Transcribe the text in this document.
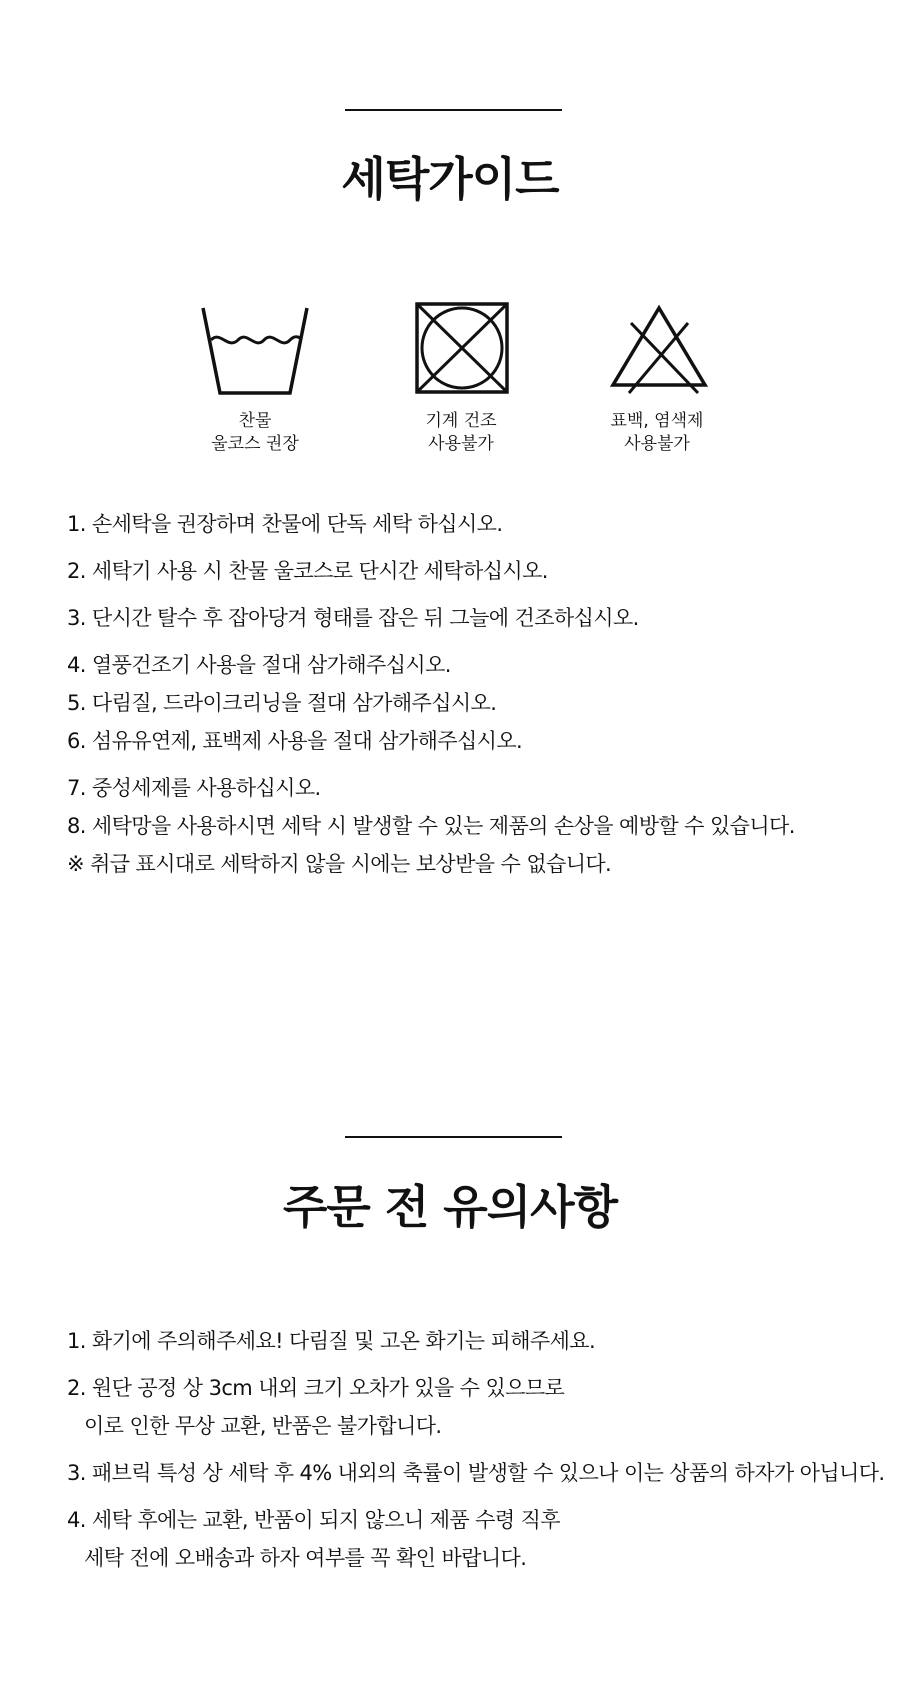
세탁가이드
찬물
울코스 권장
기계 건조
사용불가
표백, 염색제
사용불가
1. 손세탁을 권장하며 찬물에 단독 세탁 하십시오.
2. 세탁기 사용 시 찬물 울코스로 단시간 세탁하십시오.
3. 단시간 탈수 후 잡아당겨 형태를 잡은 뒤 그늘에 건조하십시오.
4. 열풍건조기 사용을 절대 삼가해주십시오.
5. 다림질, 드라이크리닝을 절대 삼가해주십시오.
6. 섬유유연제, 표백제 사용을 절대 삼가해주십시오.
7. 중성세제를 사용하십시오.
8. 세탁망을 사용하시면 세탁 시 발생할 수 있는 제품의 손상을 예방할 수 있습니다.
※ 취급 표시대로 세탁하지 않을 시에는 보상받을 수 없습니다.
주문 전 유의사항
1. 화기에 주의해주세요! 다림질 및 고온 화기는 피해주세요.
2. 원단 공정 상 3cm 내외 크기 오차가 있을 수 있으므로
이로 인한 무상 교환, 반품은 불가합니다.
3. 패브릭 특성 상 세탁 후 4% 내외의 축률이 발생할 수 있으나 이는 상품의 하자가 아닙니다.
4. 세탁 후에는 교환, 반품이 되지 않으니 제품 수령 직후
세탁 전에 오배송과 하자 여부를 꼭 확인 바랍니다.
